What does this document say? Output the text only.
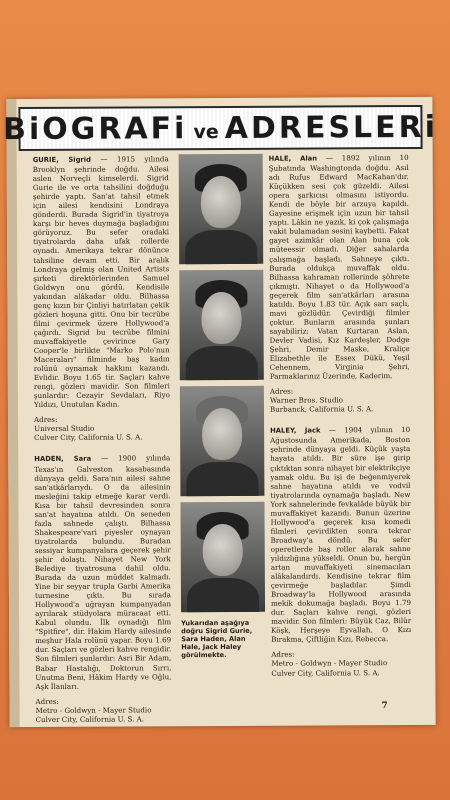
BiOGRAFi ve ADRESLERi

GURIE, Sigrid — 1915 yılında Brooklyn şehrinde doğdu. Ailesi aslen Norveçli kimselerdi. Sigrid Gurie ile ve orta tahsilini doğduğu şehirde yaptı. San'at tahsil etmek için ailesi kendisini Londraya gönderdi. Burada Sigrid'in tiyatroya karşı bir heves duymağa başladığını görüyoruz. Bu sefer oradaki tiyatrolarda daha ufak rollerde oynadı. Amerikaya tekrar dönünce tahsiline devam etti. Bir aralık Londraya gelmiş olan United Artists şirketi direktörlerinden Samuel Goldwyn onu gördü. Kendisile yakından alâkadar oldu. Bilhassa genç kızın bir Çinliyi hatırlatan çekik gözleri hoşuna gitti. Onu bir tecrübe filmi çevirmek üzere Hollywood'a çağırdı. Sigrid bu tecrübe filmini muvaffakiyetle çevirince Gary Cooper'le birlikte "Marko Polo'nun Maceraları" filminde baş kadın rolünü oynamak hakkını kazandı. Evlidir. Boyu 1.65 tir. Saçları kahve rengi, gözleri mavidir. Son filmleri şunlardır: Cezayir Sevdaları, Riyo Yıldızı, Unutulan Kadın.

Adres:

Universal Studio

Culver City, California U. S. A.

HADEN, Sara — 1900 yılında Texas'ın Galveston kasabasında dünyaya geldi. Sara'nın ailesi sahne san'atkârlarıydı. O da ailesinin mesleğini takip etmeğe karar verdi. Kısa bir tahsil devresinden sonra san'at hayatına atıldı. On seneden fazla sahnede çalıştı. Bilhassa Shakespeare'vari piyesler oynayan tiyatrolarda bulundu. Buradan sessiyar kumpanyalara geçerek şehir şehir dolaştı. Nihayet New York Belediye tiyatrosuna dahil oldu. Burada da uzun müddet kalmadı. Yine bir seyyar trupla Garbi Amerika turnesine çıktı. Bu sırada Hollywood'a uğrayan kumpanyadan ayrılarak stüdyolara müracaat etti. Kabul olundu. İlk oynadığı film "Spitfire", dir. Hakim Hardy ailesinde meşhur Hala rolünü yapar. Boyu 1.69 dur. Saçları ve gözleri kahve rengidir. Son filmleri şunlardır: Asri Bir Adam, Babar Hastalığı, Doktorun Sırrı, Unutma Beni, Hâkim Hardy ve Oğlu, Aşk İlanları.

Adres:

Metro - Goldwyn - Mayer Studio

Culver City, California U. S. A.

Yukarıdan aşağıya doğru Sigrid Gurie, Sara Haden, Alan Hale, Jack Haley görülmekte.

HALE, Alan — 1892 yılının 10 Şubatında Washingtonda doğdu. Asıl adı Rufus Edward MacKahan'dır. Küçükken sesi çok güzeldi. Ailesi opera şarkıcısı olmasını istiyordu. Kendi de böyle bir arzuya kapıldı. Gayesine erişmek için uzun bir tahsil yaptı. Lâkin ne yazık, ki çok çalışmağa vakit bulamadan sesini kaybetti. Fakat gayet azimkâr olan Alan buna çok müteessir olmadı. Diğer sahalarda çalışmağa başladı. Sahneye çıktı. Burada oldukça muvaffak oldu. Bilhassa kahraman rollerinde şöhrete çıkmıştı. Nihayet o da Hollywood'a geçerek film san'atkârları arasına katıldı. Boyu 1.83 tür. Açık sarı saçlı, mavi gözlüdür. Çevirdiği filmler çoktur. Bunların arasında şunları sayabiliriz: Vatan Kurtaran Aslan, Devler Vadisi, Kız Kardeşler, Dodge Şehri, Demir Maske, Kraliçe Elizabethle ile Essex Dükü, Yeşil Cehennem, Virginia Şehri, Parmaklarınız Üzerinde, Kaderim.

Adres:

Warner Bros. Studio

Burbanck, California U. S. A.

HALEY, Jack — 1904 yılının 10 Ağustosunda Amerikada, Boston şehrinde dünyaya geldi. Küçük yaşta hayata atıldı. Bir süre işe girip çıktıktan sonra nihayet bir elektrikçiye yamak oldu. Bu işi de beğenmiyerek sahne hayatına atıldı ve vodvil tiyatrolarında oynamağa başladı. New York sahnelerinde fevkalâde büyük bir muvaffakiyet kazandı. Bunun üzerine Hollywood'a geçerek kısa komedi filmleri çevirdikten sonra tekrar Broadway'a döndü. Bu sefer operetlerde baş roller alarak sahne yıldızlığına yükseldi. Onun bu, hergün artan muvaffakiyeti sinemacıları alâkalandırdı. Kendisine tekrar film çevirmeğe başladılar. Şimdi Broadway'la Hollywood arasında mekik dokumağa başladı. Boyu 1.79 dur. Saçları kahve rengi, gözleri mavidir. Son filmleri: Büyük Caz, Bilür Köşk, Herşeye Eyvallah, O Kızı Bırakma, Çiftliğin Kızı, Rebecca.

Adres:

Metro - Goldwyn - Mayer Studio

Culver City, California U. S. A.

7
